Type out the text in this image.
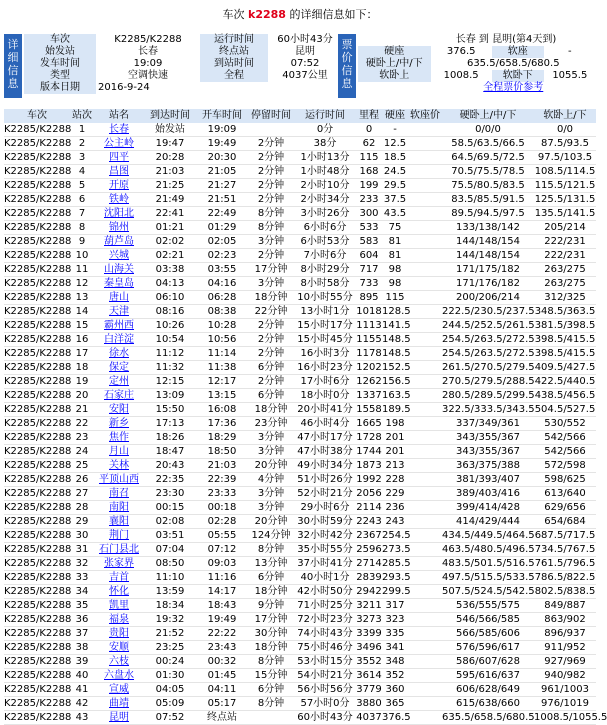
车次 k2288 的详细信息如下：
详细信息
车次	K2285/K2288	运行时间	60小时43分
始发站	长春	终点站	昆明
发车时间	19:09	到站时间	07:52
类型	空调快速	全程	4037公里
版本日期	2016-9-24		
票价信息
长春 到 昆明(第4天到)			
硬座	376.5	软座	-
硬卧上/中/下	635.5/658.5/680.5		
软卧上	1008.5	软卧下	1055.5
	全程票价参考		
车次	站次	站名	到达时间	开车时间	停留时间	运行时间	里程	硬座	软座价	硬卧上/中/下	软卧上/下
K2285/K2288	1	长春	始发站	19:09		0分	0	-		0/0/0	0/0
K2285/K2288	2	公主岭	19:47	19:49	2分钟	38分	62	12.5		58.5/63.5/66.5	87.5/93.5
K2285/K2288	3	四平	20:28	20:30	2分钟	1小时13分	115	18.5		64.5/69.5/72.5	97.5/103.5
K2285/K2288	4	昌图	21:03	21:05	2分钟	1小时48分	168	24.5		70.5/75.5/78.5	108.5/114.5
K2285/K2288	5	开原	21:25	21:27	2分钟	2小时10分	199	29.5		75.5/80.5/83.5	115.5/121.5
K2285/K2288	6	铁岭	21:49	21:51	2分钟	2小时34分	233	37.5		83.5/85.5/91.5	125.5/131.5
K2285/K2288	7	沈阳北	22:41	22:49	8分钟	3小时26分	300	43.5		89.5/94.5/97.5	135.5/141.5
K2285/K2288	8	锦州	01:21	01:29	8分钟	6小时6分	533	75		133/138/142	205/214
K2285/K2288	9	葫芦岛	02:02	02:05	3分钟	6小时53分	583	81		144/148/154	222/231
K2285/K2288	10	兴城	02:21	02:23	2分钟	7小时6分	604	81		144/148/154	222/231
K2285/K2288	11	山海关	03:38	03:55	17分钟	8小时29分	717	98		171/175/182	263/275
K2285/K2288	12	秦皇岛	04:13	04:16	3分钟	8小时58分	733	98		171/176/182	263/275
K2285/K2288	13	唐山	06:10	06:28	18分钟	10小时55分	895	115		200/206/214	312/325
K2285/K2288	14	天津	08:16	08:38	22分钟	13小时1分	1018	128.5		222.5/230.5/237.5	348.5/363.5
K2285/K2288	15	霸州西	10:26	10:28	2分钟	15小时17分	1113	141.5		244.5/252.5/261.5	381.5/398.5
K2285/K2288	16	白洋淀	10:54	10:56	2分钟	15小时45分	1155	148.5		254.5/263.5/272.5	398.5/415.5
K2285/K2288	17	徐水	11:12	11:14	2分钟	16小时3分	1178	148.5		254.5/263.5/272.5	398.5/415.5
K2285/K2288	18	保定	11:32	11:38	6分钟	16小时23分	1202	152.5		261.5/270.5/279.5	409.5/427.5
K2285/K2288	19	定州	12:15	12:17	2分钟	17小时6分	1262	156.5		270.5/279.5/288.5	422.5/440.5
K2285/K2288	20	石家庄	13:09	13:15	6分钟	18小时0分	1337	163.5		280.5/289.5/299.5	438.5/456.5
K2285/K2288	21	安阳	15:50	16:08	18分钟	20小时41分	1558	189.5		322.5/333.5/343.5	504.5/527.5
K2285/K2288	22	新乡	17:13	17:36	23分钟	46小时4分	1665	198		337/349/361	530/552
K2285/K2288	23	焦作	18:26	18:29	3分钟	47小时17分	1728	201		343/355/367	542/566
K2285/K2288	24	月山	18:47	18:50	3分钟	47小时38分	1744	201		343/355/367	542/566
K2285/K2288	25	关林	20:43	21:03	20分钟	49小时34分	1873	213		363/375/388	572/598
K2285/K2288	26	平顶山西	22:35	22:39	4分钟	51小时26分	1992	228		381/393/407	598/625
K2285/K2288	27	南召	23:30	23:33	3分钟	52小时21分	2056	229		389/403/416	613/640
K2285/K2288	28	南阳	00:15	00:18	3分钟	29小时6分	2114	236		399/414/428	629/656
K2285/K2288	29	襄阳	02:08	02:28	20分钟	30小时59分	2243	243		414/429/444	654/684
K2285/K2288	30	荆门	03:51	05:55	124分钟	32小时42分	2367	254.5		434.5/449.5/464.5	687.5/717.5
K2285/K2288	31	石门县北	07:04	07:12	8分钟	35小时55分	2596	273.5		463.5/480.5/496.5	734.5/767.5
K2285/K2288	32	张家界	08:50	09:03	13分钟	37小时41分	2714	285.5		483.5/501.5/516.5	761.5/796.5
K2285/K2288	33	吉首	11:10	11:16	6分钟	40小时1分	2839	293.5		497.5/515.5/533.5	786.5/822.5
K2285/K2288	34	怀化	13:59	14:17	18分钟	42小时50分	2942	299.5		507.5/524.5/542.5	802.5/838.5
K2285/K2288	35	凯里	18:34	18:43	9分钟	71小时25分	3211	317		536/555/575	849/887
K2285/K2288	36	福泉	19:32	19:49	17分钟	72小时23分	3273	323		546/566/585	863/902
K2285/K2288	37	贵阳	21:52	22:22	30分钟	74小时43分	3399	335		566/585/606	896/937
K2285/K2288	38	安顺	23:25	23:43	18分钟	75小时46分	3496	341		576/596/617	911/952
K2285/K2288	39	六枝	00:24	00:32	8分钟	53小时15分	3552	348		586/607/628	927/969
K2285/K2288	40	六盘水	01:30	01:45	15分钟	54小时21分	3614	352		595/616/637	940/982
K2285/K2288	41	宣威	04:05	04:11	6分钟	56小时56分	3779	360		606/628/649	961/1003
K2285/K2288	42	曲靖	05:09	05:17	8分钟	57小时0分	3880	365		615/638/660	976/1019
K2285/K2288	43	昆明	07:52	终点站		60小时43分	4037	376.5		635.5/658.5/680.5	1008.5/1055.5
